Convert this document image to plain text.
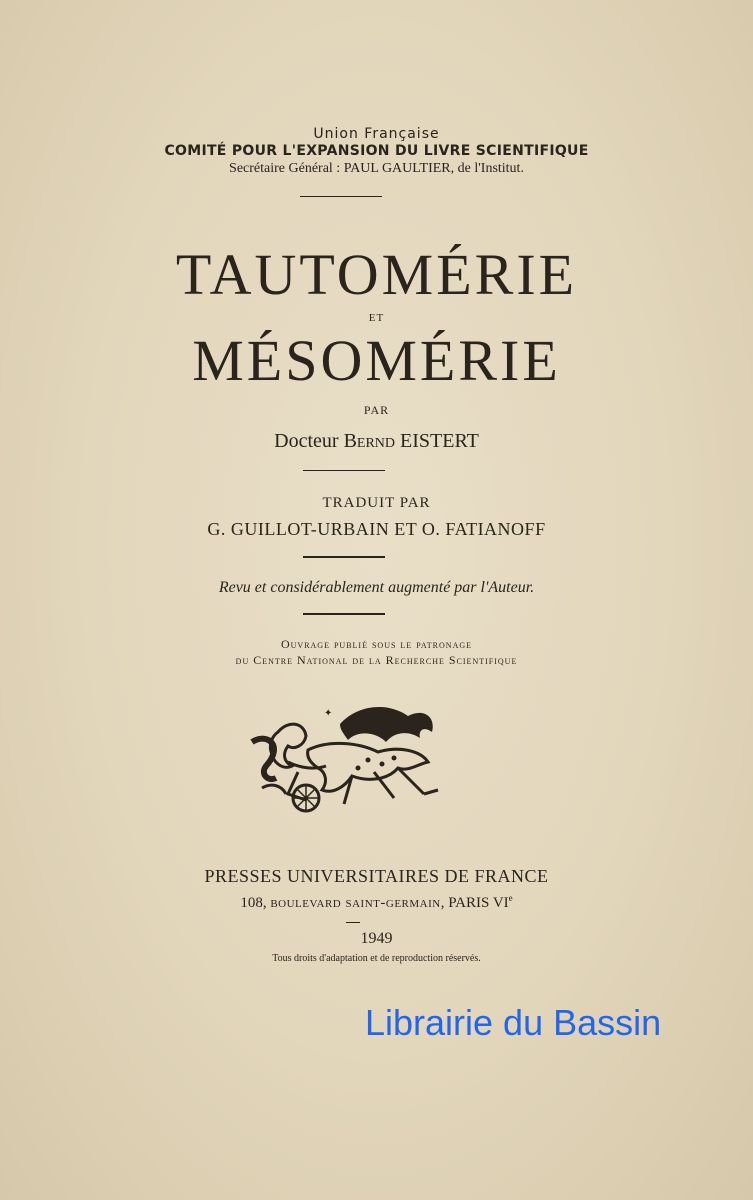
Union Française
COMITÉ POUR L'EXPANSION DU LIVRE SCIENTIFIQUE
Secrétaire Général : PAUL GAULTIER, de l'Institut.
TAUTOMÉRIE
ET
MÉSOMÉRIE
PAR
Docteur Bernd EISTERT
TRADUIT PAR
G. GUILLOT-URBAIN ET O. FATIANOFF
Revu et considérablement augmenté par l'Auteur.
Ouvrage publié sous le patronage
du Centre National de la Recherche Scientifique
✦
PRESSES UNIVERSITAIRES DE FRANCE
108, boulevard saint-germain, PARIS VIe
1949
Tous droits d'adaptation et de reproduction réservés.
Librairie du Bassin
